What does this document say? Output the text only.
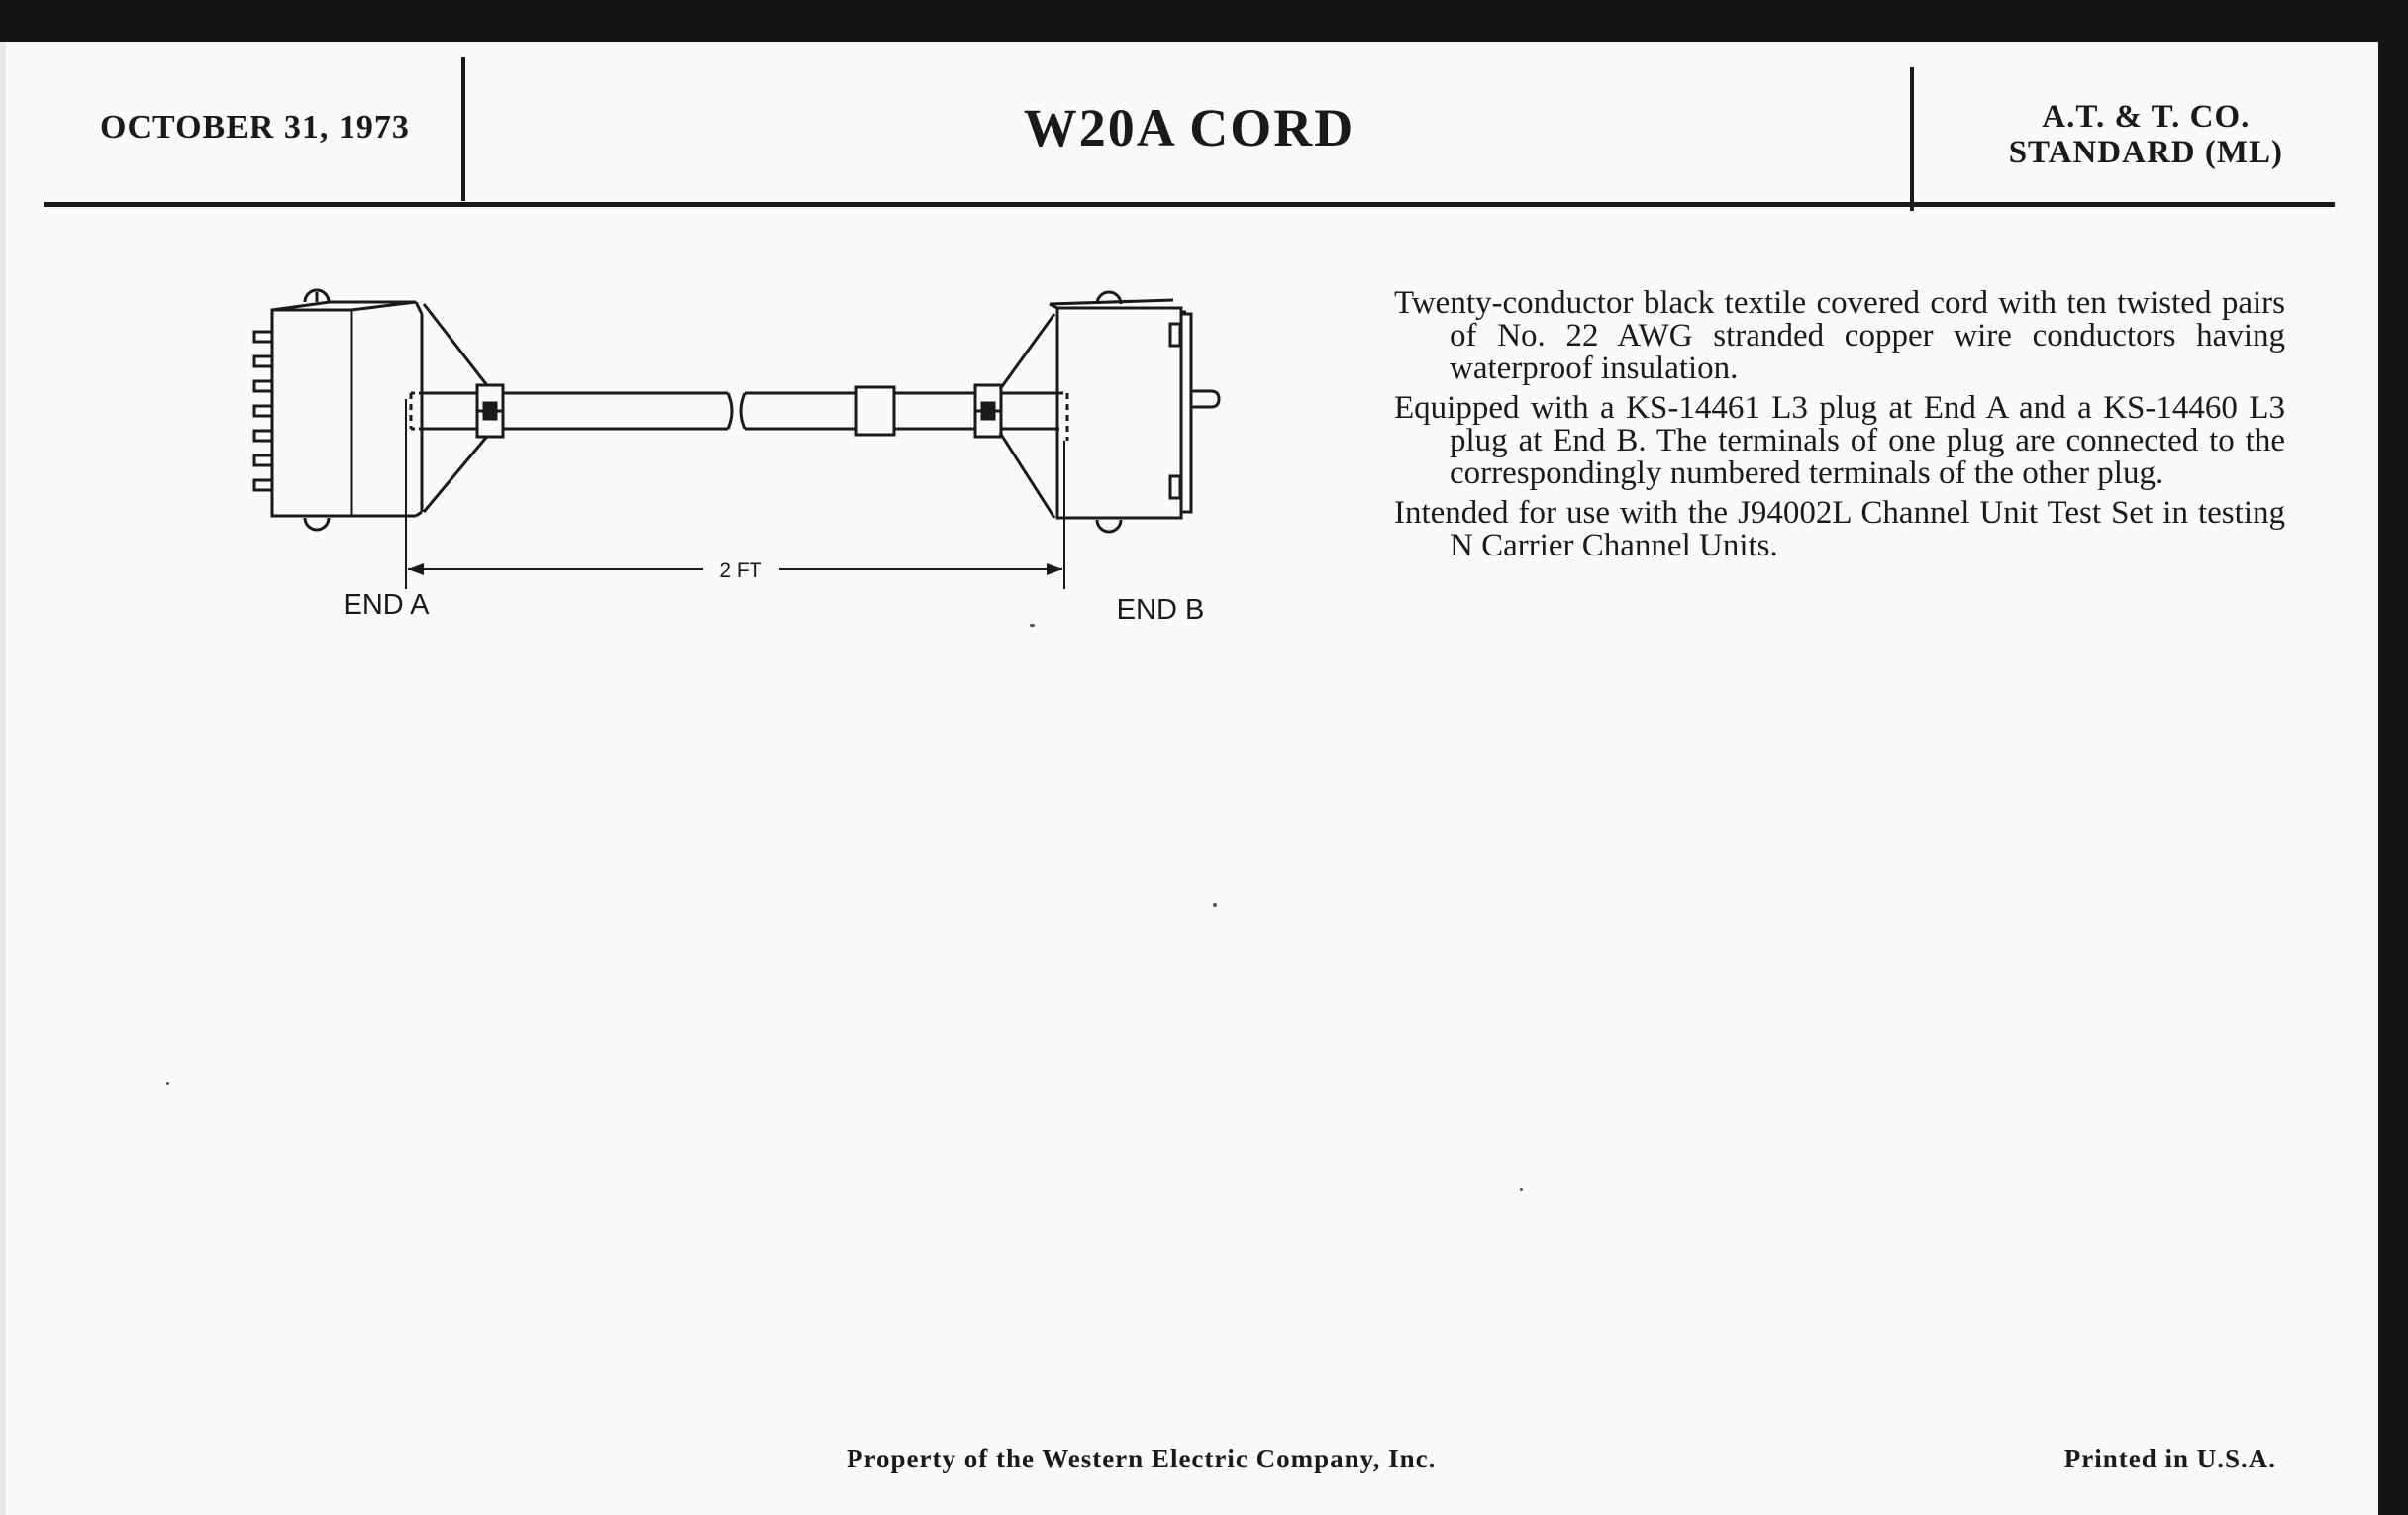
OCTOBER 31, 1973	W20A CORD	A.T. & T. CO.
STANDARD (ML)
2 FT
END A	END B

Twenty-conductor black textile covered cord with ten twisted pairs of No. 22 AWG stranded copper wire conductors having waterproof insulation.

Equipped with a KS-14461 L3 plug at End A and a KS-14460 L3 plug at End B. The terminals of one plug are connected to the correspondingly numbered terminals of the other plug.

Intended for use with the J94002L Channel Unit Test Set in testing N Carrier Channel Units.

Property of the Western Electric Company, Inc.	Printed in U.S.A.
